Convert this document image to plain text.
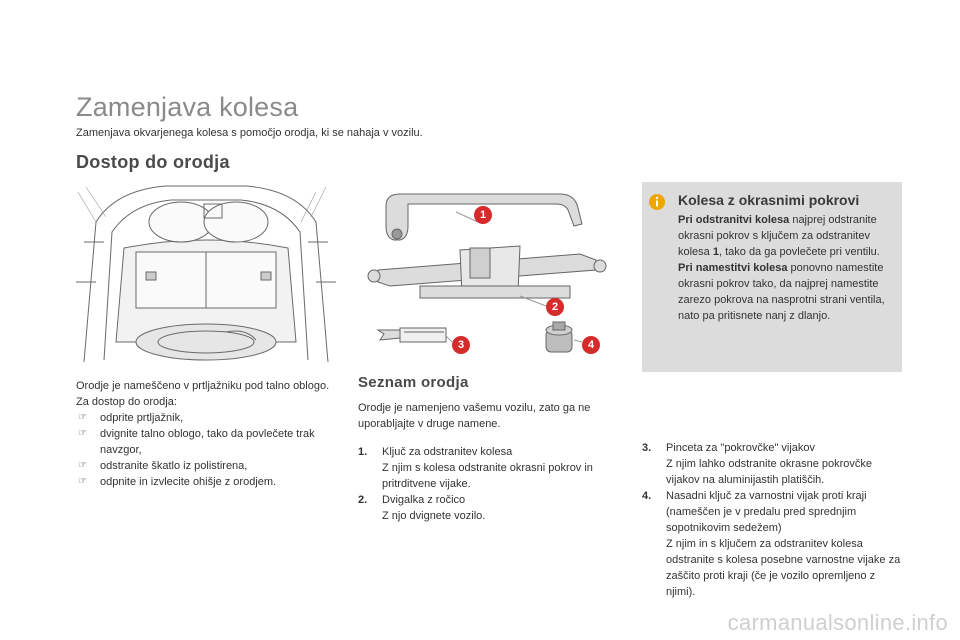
Zamenjava kolesa
Zamenjava okvarjenega kolesa s pomočjo orodja, ki se nahaja v vozilu.
Dostop do orodja

Orodje je nameščeno v prtljažniku pod talno oblogo.

Za dostop do orodja:

☞ odprite prtljažnik,
☞ dvignite talno oblogo, tako da povlečete trak navzgor,
☞ odstranite škatlo iz polistirena,
☞ odpnite in izvlecite ohišje z orodjem.
1
2
3	4
Seznam orodja
Orodje je namenjeno vašemu vozilu, zato ga ne uporabljajte v druge namene.
1. Ključ za odstranitev kolesa
Z njim s kolesa odstranite okrasni pokrov in pritrditvene vijake.
2. Dvigalka z ročico
Z njo dvignete vozilo.
Kolesa z okrasnimi pokrovi
Pri odstranitvi kolesa najprej odstranite okrasni pokrov s ključem za odstranitev kolesa 1, tako da ga povlečete pri ventilu.
Pri namestitvi kolesa ponovno namestite okrasni pokrov tako, da najprej namestite zarezo pokrova na nasprotni strani ventila, nato pa pritisnete nanj z dlanjo.
3. Pinceta za "pokrovčke" vijakov
Z njim lahko odstranite okrasne pokrovčke vijakov na aluminijastih platiščih.
4. Nasadni ključ za varnostni vijak proti kraji (nameščen je v predalu pred sprednjim sopotnikovim sedežem)
Z njim in s ključem za odstranitev kolesa odstranite s kolesa posebne varnostne vijake za zaščito proti kraji (če je vozilo opremljeno z njimi).
carmanualsonline.info
